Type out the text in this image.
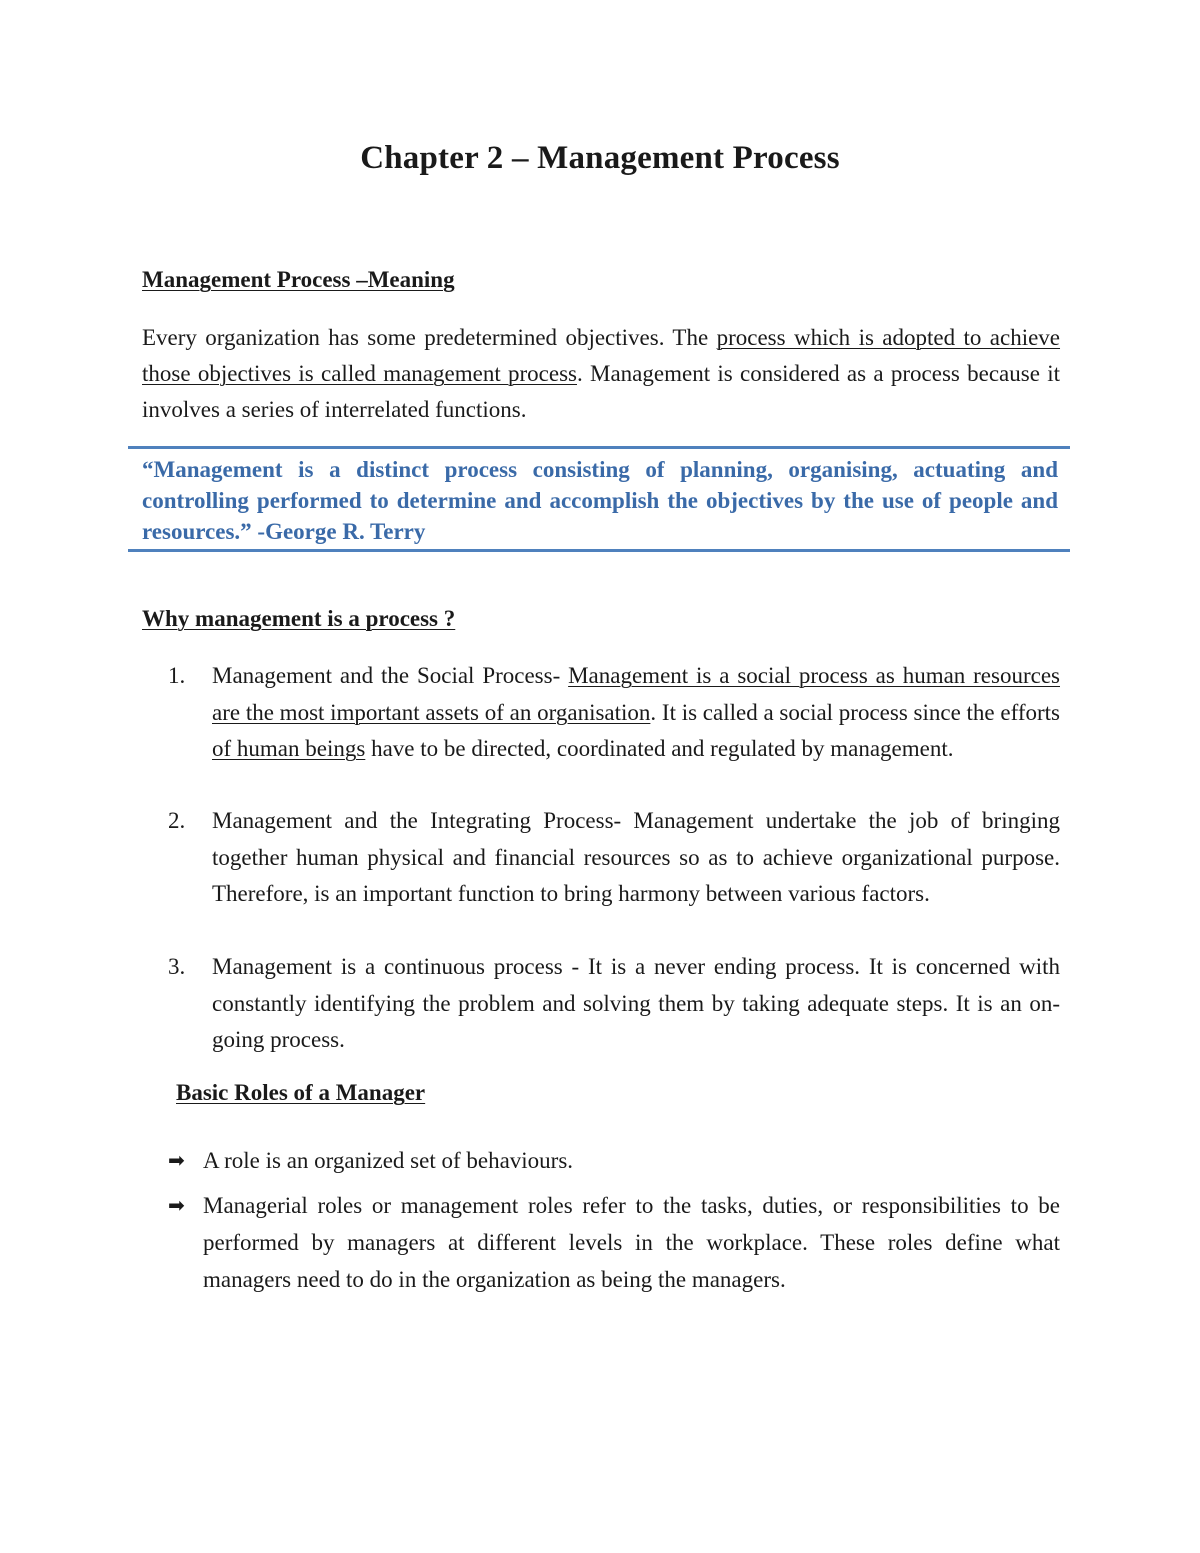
Chapter 2 – Management Process
Management Process –Meaning
Every organization has some predetermined objectives. The process which is adopted to achieve those objectives is called management process. Management is considered as a process because it involves a series of interrelated functions.
“Management is a distinct process consisting of planning, organising, actuating and controlling performed to determine and accomplish the objectives by the use of people and resources.” -George R. Terry
Why management is a process ?
1.	Management and the Social Process- Management is a social process as human resources are the most important assets of an organisation. It is called a social process since the efforts of human beings have to be directed, coordinated and regulated by management.
2.	Management and the Integrating Process- Management undertake the job of bringing together human physical and financial resources so as to achieve organizational purpose. Therefore, is an important function to bring harmony between various factors.
3.	Management is a continuous process - It is a never ending process. It is concerned with constantly identifying the problem and solving them by taking adequate steps. It is an on-going process.
Basic Roles of a Manager
➡ A role is an organized set of behaviours.
➡ Managerial roles or management roles refer to the tasks, duties, or responsibilities to be performed by managers at different levels in the workplace. These roles define what managers need to do in the organization as being the managers.
